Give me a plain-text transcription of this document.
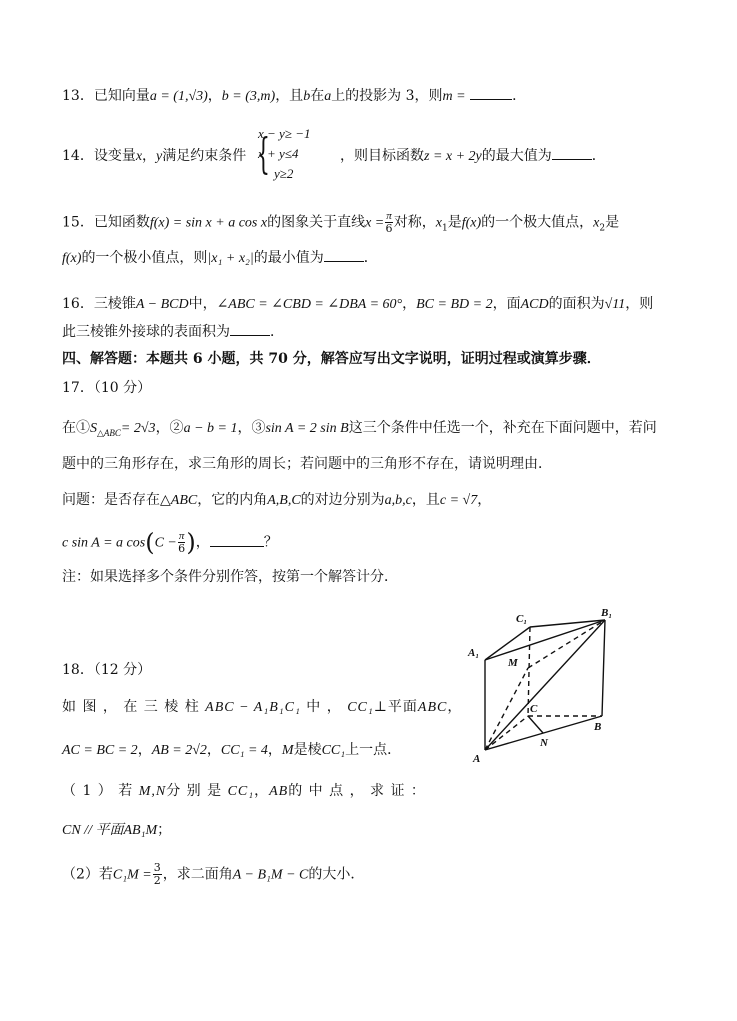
13．已知向量a = (1,√3)，b = (3,m)，且b在a上的投影为 3，则m =	．
14．设变量x，y满足约束条件 {
x − y≥ −1
x + y≤4
y≥2
，则目标函数z = x + 2y的最大值为	．
15．已知函数f(x) = sin x + a cos x的图象关于直线$x = \frac{\pi}{6}$ 对称，$x_1$是f(x)的一个极大值点，$x_2$是
f(x)的一个极小值点，则|x₁ + x₂|的最小值为	．
16．三棱锥A − BCD中，∠ABC = ∠CBD = ∠DBA = 60°，BC = BD = 2，面ACD的面积为√11，则
此三棱锥外接球的表面积为	．
四、解答题：本题共 6 小题，共 70 分，解答应写出文字说明，证明过程或演算步骤．
17．（10 分）
在$①S_{\triangle ABC}= 2√3$，②a − b = 1，③sin A = 2 sin B这三个条件中任选一个，补充在下面问题中，若问
题中的三角形存在，求三角形的周长；若问题中的三角形不存在，请说明理由．
问题：是否存在△ABC，它的内角A,B,C的对边分别为a,b,c，且c = √7，
c sin A = a $\cos(C - \frac{\pi}{6}$ )，	？
注：如果选择多个条件分别作答，按第一个解答计分．
18．（12 分）
如 图 ， 在 三 棱 柱 ABC − A₁B₁C₁ 中 ， CC₁⊥平面ABC，
AC = BC = 2，AB = 2√2，CC₁ = 4，M是棱CC₁上一点．
（ 1 ） 若 M,N分 别 是 CC₁，AB的 中 点 ， 求 证 ：
CN // 平面AB₁M；
（2）若$C_1M = \frac{3}{2}$ ，求二面角A − B₁M − C的大小．
C₁	B₁
A₁
M
C
B
N
A
